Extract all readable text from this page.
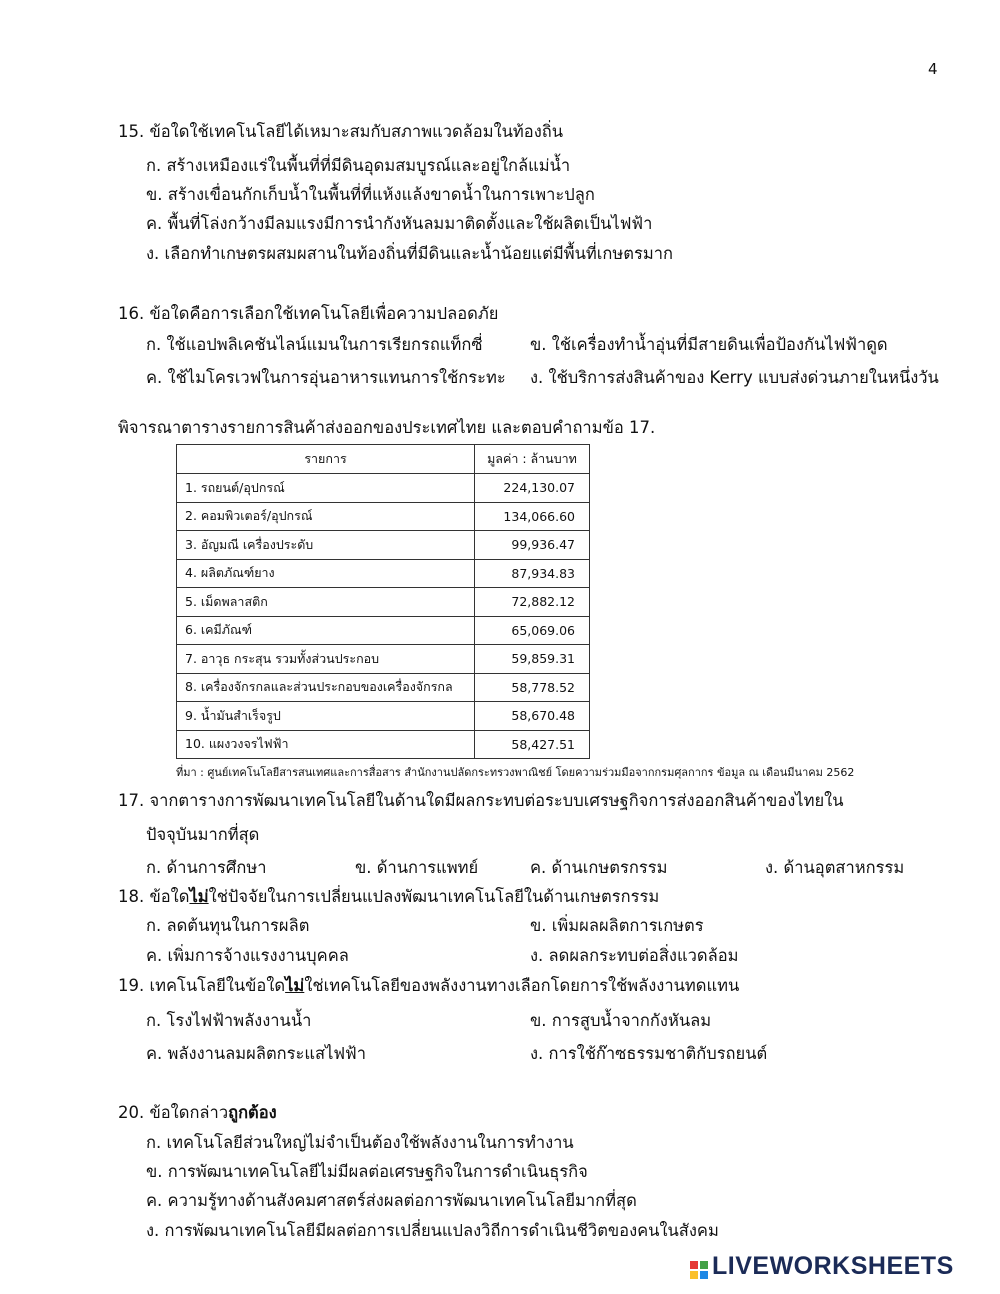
4
15. ข้อใดใช้เทคโนโลยีได้เหมาะสมกับสภาพแวดล้อมในท้องถิ่น
ก. สร้างเหมืองแร่ในพื้นที่ที่มีดินอุดมสมบูรณ์และอยู่ใกล้แม่น้ำ
ข. สร้างเขื่อนกักเก็บน้ำในพื้นที่ที่แห้งแล้งขาดน้ำในการเพาะปลูก
ค. พื้นที่โล่งกว้างมีลมแรงมีการนำกังหันลมมาติดตั้งและใช้ผลิตเป็นไฟฟ้า
ง. เลือกทำเกษตรผสมผสานในท้องถิ่นที่มีดินและน้ำน้อยแต่มีพื้นที่เกษตรมาก
16. ข้อใดคือการเลือกใช้เทคโนโลยีเพื่อความปลอดภัย
ก. ใช้แอปพลิเคชันไลน์แมนในการเรียกรถแท็กซี่	ข. ใช้เครื่องทำน้ำอุ่นที่มีสายดินเพื่อป้องกันไฟฟ้าดูด
ค. ใช้ไมโครเวฟในการอุ่นอาหารแทนการใช้กระทะ ง. ใช้บริการส่งสินค้าของ Kerry แบบส่งด่วนภายในหนึ่งวัน
พิจารณาตารางรายการสินค้าส่งออกของประเทศไทย และตอบคำถามข้อ 17.
รายการ	มูลค่า : ล้านบาท
1. รถยนต์/อุปกรณ์	224,130.07
2. คอมพิวเตอร์/อุปกรณ์	134,066.60
3. อัญมณี เครื่องประดับ	99,936.47
4. ผลิตภัณฑ์ยาง	87,934.83
5. เม็ดพลาสติก	72,882.12
6. เคมีภัณฑ์	65,069.06
7. อาวุธ กระสุน รวมทั้งส่วนประกอบ	59,859.31
8. เครื่องจักรกลและส่วนประกอบของเครื่องจักรกล	58,778.52
9. น้ำมันสำเร็จรูป	58,670.48
10. แผงวงจรไฟฟ้า	58,427.51
ที่มา : ศูนย์เทคโนโลยีสารสนเทศและการสื่อสาร สำนักงานปลัดกระทรวงพาณิชย์ โดยความร่วมมือจากกรมศุลกากร ข้อมูล ณ เดือนมีนาคม 2562
17. จากตารางการพัฒนาเทคโนโลยีในด้านใดมีผลกระทบต่อระบบเศรษฐกิจการส่งออกสินค้าของไทยใน
ปัจจุบันมากที่สุด
ก. ด้านการศึกษา	ข. ด้านการแพทย์	ค. ด้านเกษตรกรรม	ง. ด้านอุตสาหกรรม
18. ข้อใดไม่ใช่ปัจจัยในการเปลี่ยนแปลงพัฒนาเทคโนโลยีในด้านเกษตรกรรม
ก. ลดต้นทุนในการผลิต	ข. เพิ่มผลผลิตการเกษตร
ค. เพิ่มการจ้างแรงงานบุคคล	ง. ลดผลกระทบต่อสิ่งแวดล้อม
19. เทคโนโลยีในข้อใดไม่ใช่เทคโนโลยีของพลังงานทางเลือกโดยการใช้พลังงานทดแทน
ก. โรงไฟฟ้าพลังงานน้ำ	ข. การสูบน้ำจากกังหันลม
ค. พลังงานลมผลิตกระแสไฟฟ้า	ง. การใช้ก๊าซธรรมชาติกับรถยนต์
20. ข้อใดกล่าวถูกต้อง
ก. เทคโนโลยีส่วนใหญ่ไม่จำเป็นต้องใช้พลังงานในการทำงาน
ข. การพัฒนาเทคโนโลยีไม่มีผลต่อเศรษฐกิจในการดำเนินธุรกิจ
ค. ความรู้ทางด้านสังคมศาสตร์ส่งผลต่อการพัฒนาเทคโนโลยีมากที่สุด
ง. การพัฒนาเทคโนโลยีมีผลต่อการเปลี่ยนแปลงวิถีการดำเนินชีวิตของคนในสังคม
LIVEWORKSHEETS
